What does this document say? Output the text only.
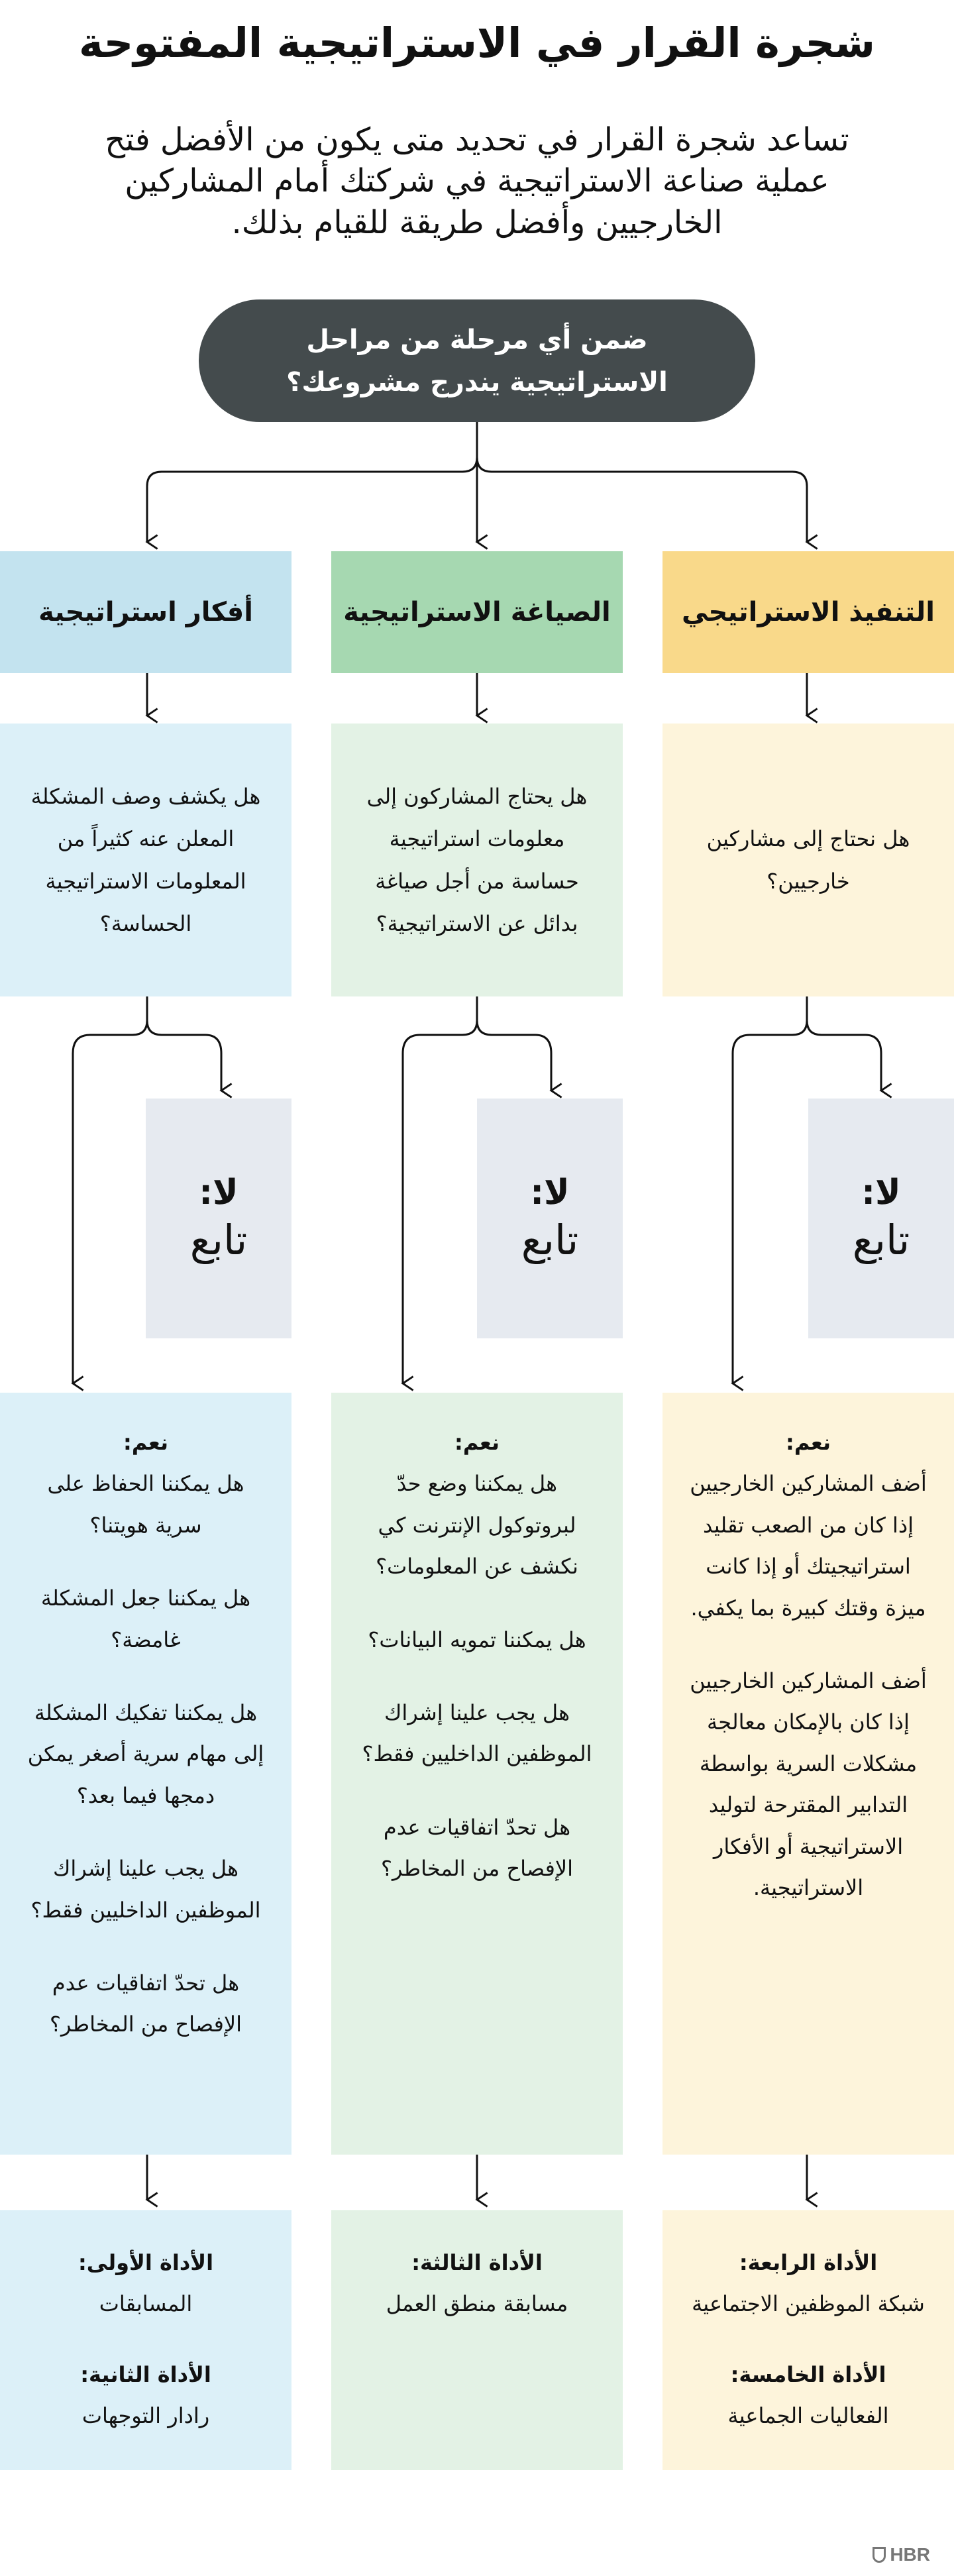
شجرة القرار في الاستراتيجية المفتوحة

تساعد شجرة القرار في تحديد متى يكون من الأفضل فتح عملية صناعة الاستراتيجية في شركتك أمام المشاركين الخارجيين وأفضل طريقة للقيام بذلك.

ضمن أي مرحلة من مراحل الاستراتيجية يندرج مشروعك؟
التنفيذ الاستراتيجي
الصياغة الاستراتيجية
أفكار استراتيجية
هل نحتاج إلى مشاركين خارجيين؟
هل يحتاج المشاركون إلى معلومات استراتيجية حساسة من أجل صياغة بدائل عن الاستراتيجية؟
هل يكشف وصف المشكلة المعلن عنه كثيراً من المعلومات الاستراتيجية الحساسة؟
لا:
تابع
لا:
تابع
لا:
تابع
نعم:

أضف المشاركين الخارجيين إذا كان من الصعب تقليد استراتيجيتك أو إذا كانت ميزة وقتك كبيرة بما يكفي.

أضف المشاركين الخارجيين إذا كان بالإمكان معالجة مشكلات السرية بواسطة التدابير المقترحة لتوليد الاستراتيجية أو الأفكار الاستراتيجية.

نعم:

هل يمكننا وضع حدّ لبروتوكول الإنترنت كي نكشف عن المعلومات؟

هل يمكننا تمويه البيانات؟

هل يجب علينا إشراك الموظفين الداخليين فقط؟

هل تحدّ اتفاقيات عدم الإفصاح من المخاطر؟

نعم:

هل يمكننا الحفاظ على سرية هويتنا؟

هل يمكننا جعل المشكلة غامضة؟

هل يمكننا تفكيك المشكلة إلى مهام سرية أصغر يمكن دمجها فيما بعد؟

هل يجب علينا إشراك الموظفين الداخليين فقط؟

هل تحدّ اتفاقيات عدم الإفصاح من المخاطر؟

الأداة الرابعة:

شبكة الموظفين الاجتماعية

الأداة الخامسة:

الفعاليات الجماعية

الأداة الثالثة:

مسابقة منطق العمل

الأداة الأولى:

المسابقات

الأداة الثانية:

رادار التوجهات

HBR
